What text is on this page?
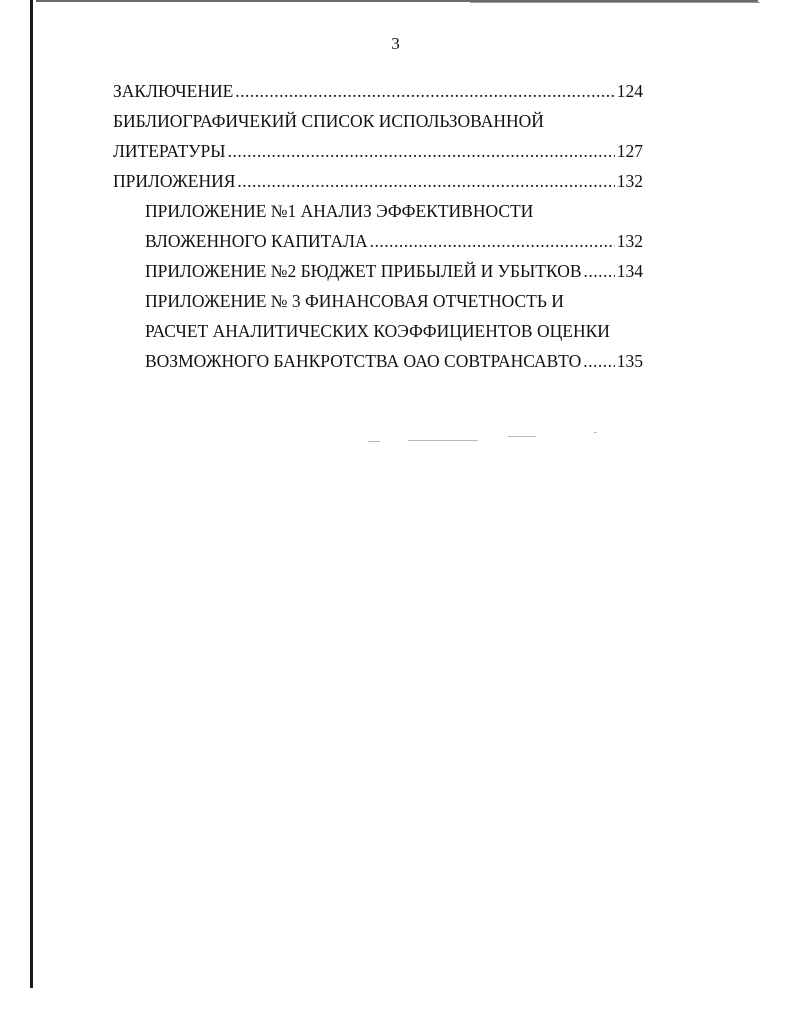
3
ЗАКЛЮЧЕНИЕ .....	124
БИБЛИОГРАФИЧЕКИЙ СПИСОК ИСПОЛЬЗОВАННОЙ
ЛИТЕРАТУРЫ .....	127
ПРИЛОЖЕНИЯ .....	132
ПРИЛОЖЕНИЕ №1 АНАЛИЗ ЭФФЕКТИВНОСТИ
ВЛОЖЕННОГО КАПИТАЛА .....	132
ПРИЛОЖЕНИЕ №2 БЮДЖЕТ ПРИБЫЛЕЙ И УБЫТКОВ ..... 134
ПРИЛОЖЕНИЕ № 3 ФИНАНСОВАЯ ОТЧЕТНОСТЬ И
РАСЧЕТ АНАЛИТИЧЕСКИХ КОЭФФИЦИЕНТОВ ОЦЕНКИ
ВОЗМОЖНОГО БАНКРОТСТВА ОАО СОВТРАНСАВТО ..... 135
